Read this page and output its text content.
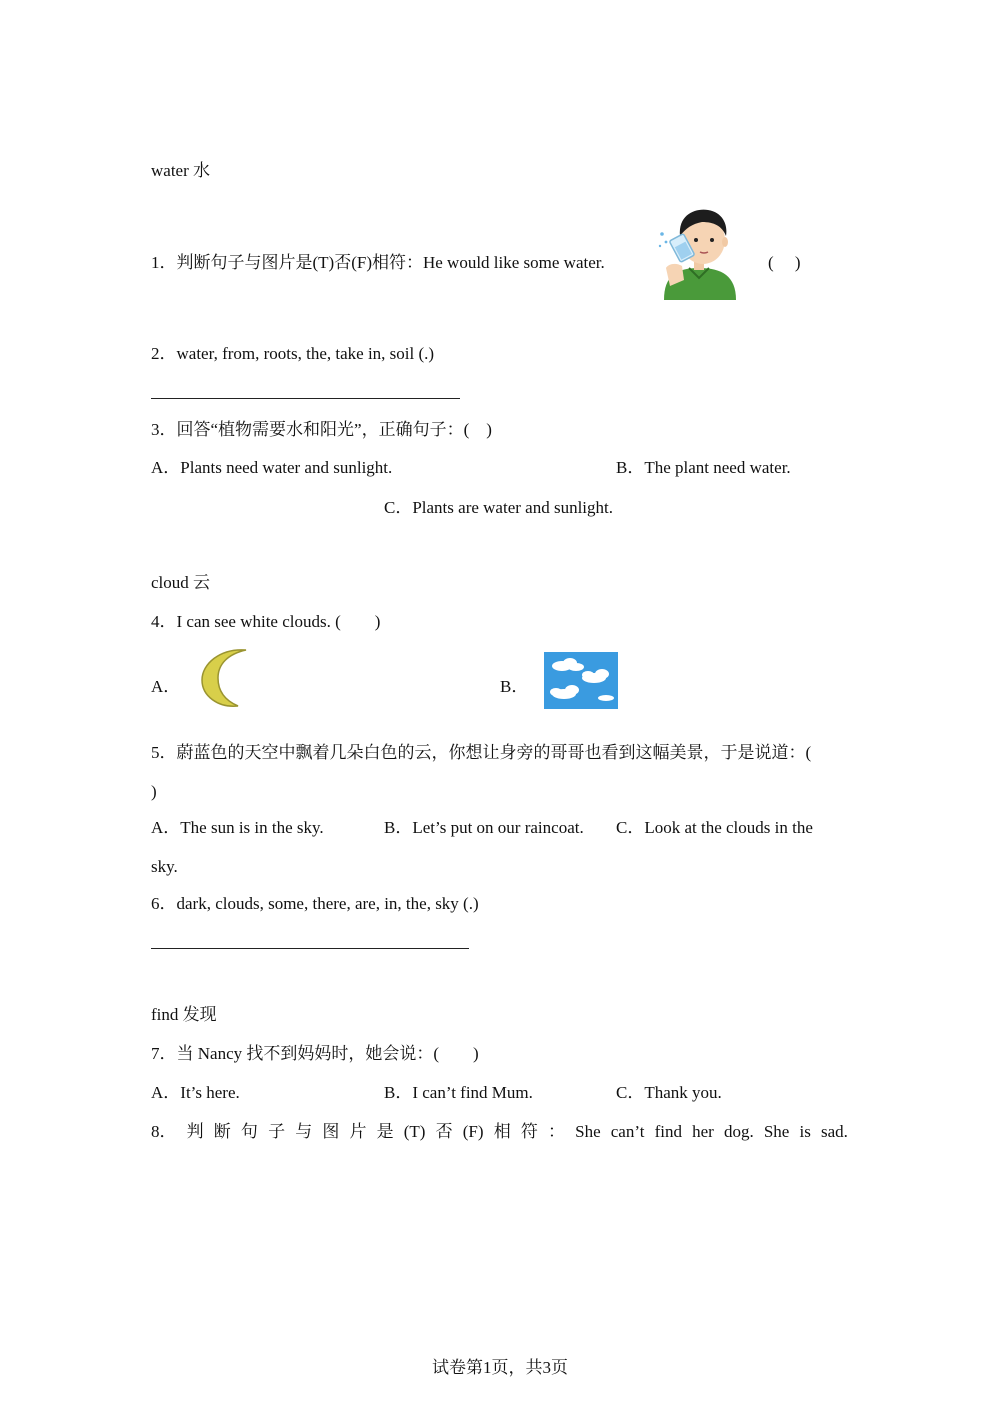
water 水
1．判断句子与图片是(T)否(F)相符：He would like some water.	(　 )
2．water, from, roots, the, take in, soil (.)
3．回答“植物需要水和阳光”，正确句子：(　)
A．Plants need water and sunlight.	B．The plant need water.
C．Plants are water and sunlight.
cloud 云
4．I can see white clouds. (　　)
A．	B．
5．蔚蓝色的天空中飘着几朵白色的云，你想让身旁的哥哥也看到这幅美景，于是说道：(
)
A．The sun is in the sky.	B．Let’s put on our raincoat. C．Look at the clouds in the
sky.
6．dark, clouds, some, there, are, in, the, sky (.)
find 发现
7．当 Nancy 找不到妈妈时，她会说：(　　)
A．It’s here.	B．I can’t find Mum.	C．Thank you.
8． 判 断 句 子 与 图 片 是 (T) 否 (F) 相 符 ： She can’t find her dog. She is sad.
试卷第1页，共3页
